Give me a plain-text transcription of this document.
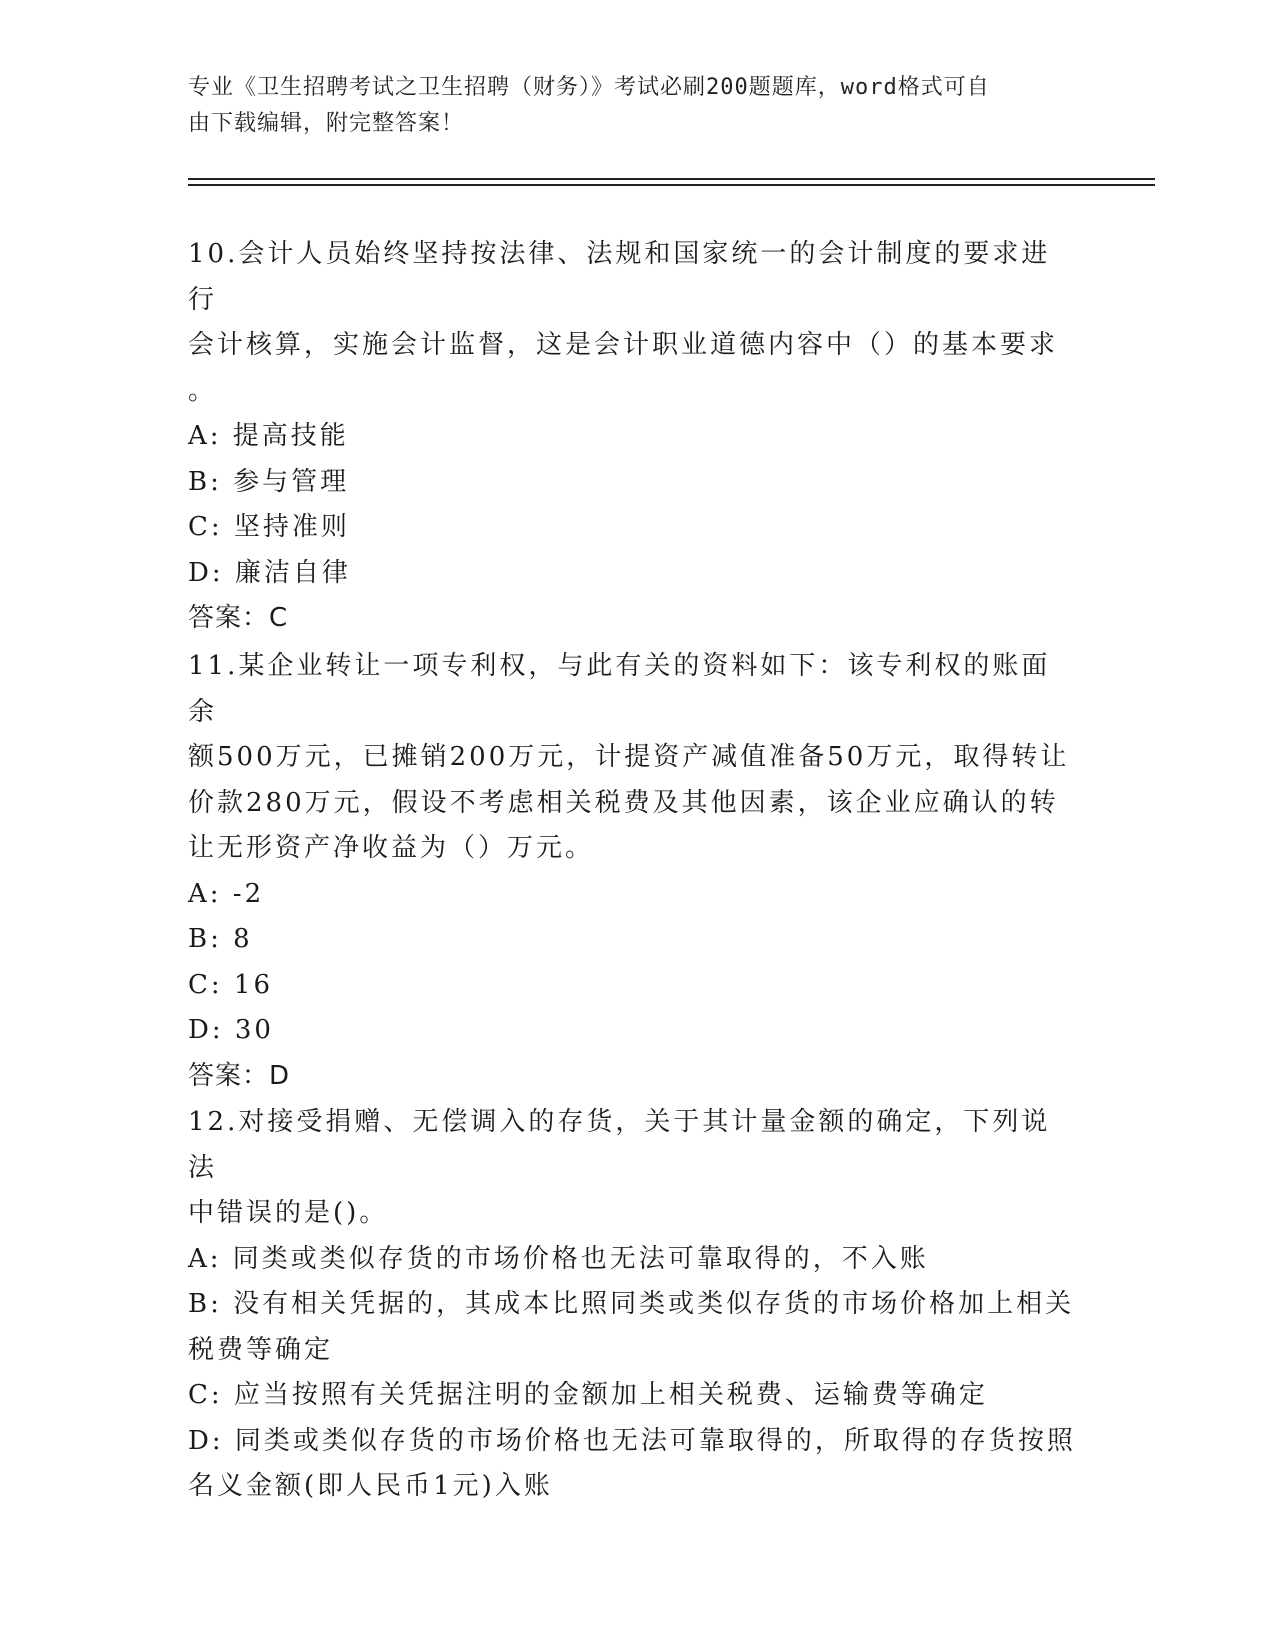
专业《卫生招聘考试之卫生招聘（财务）》考试必刷200题题库，word格式可自
由下载编辑，附完整答案！
10.会计人员始终坚持按法律、法规和国家统一的会计制度的要求进行
会计核算，实施会计监督，这是会计职业道德内容中（）的基本要求
。
A: 提高技能
B: 参与管理
C: 坚持准则
D: 廉洁自律
答案：C
11.某企业转让一项专利权，与此有关的资料如下：该专利权的账面余
额500万元，已摊销200万元，计提资产减值准备50万元，取得转让
价款280万元，假设不考虑相关税费及其他因素，该企业应确认的转
让无形资产净收益为（）万元。
A: -2
B: 8
C: 16
D: 30
答案：D
12.对接受捐赠、无偿调入的存货，关于其计量金额的确定，下列说法
中错误的是()。
A: 同类或类似存货的市场价格也无法可靠取得的，不入账
B: 没有相关凭据的，其成本比照同类或类似存货的市场价格加上相关
税费等确定
C: 应当按照有关凭据注明的金额加上相关税费、运输费等确定
D: 同类或类似存货的市场价格也无法可靠取得的，所取得的存货按照
名义金额(即人民币1元)入账
